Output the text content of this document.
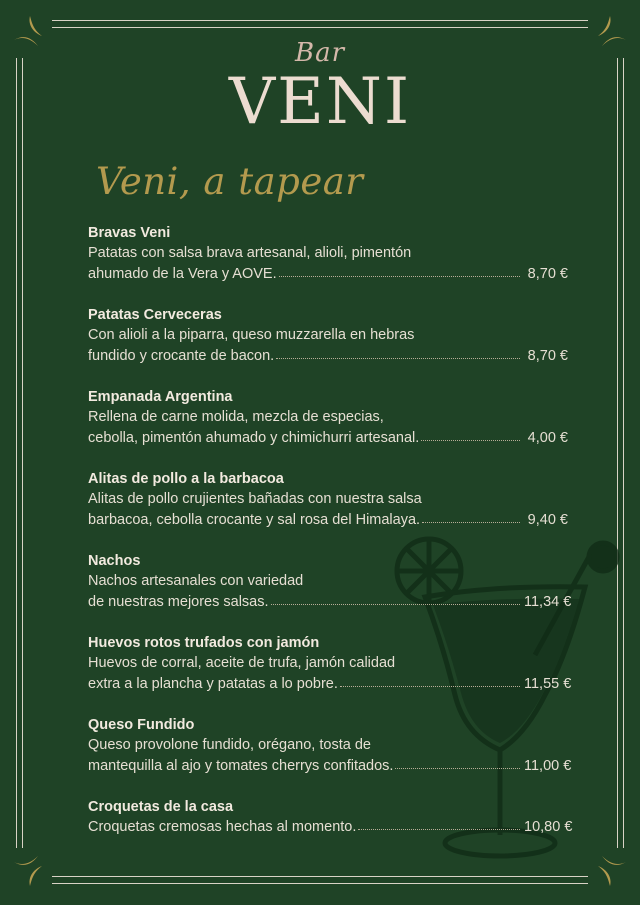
Bar
VENI
Veni, a tapear
Bravas Veni
Patatas con salsa brava artesanal, alioli, pimentón
ahumado de la Vera y AOVE.	8,70 €
Patatas Cerveceras
Con alioli a la piparra, queso muzzarella en hebras
fundido y crocante de bacon.	8,70 €
Empanada Argentina
Rellena de carne molida, mezcla de especias,
cebolla, pimentón ahumado y chimichurri artesanal.	4,00 €
Alitas de pollo a la barbacoa
Alitas de pollo crujientes bañadas con nuestra salsa
barbacoa, cebolla crocante y sal rosa del Himalaya.	9,40 €
Nachos
Nachos artesanales con variedad
de nuestras mejores salsas.	11,34 €
Huevos rotos trufados con jamón
Huevos de corral, aceite de trufa, jamón calidad
extra a la plancha y patatas a lo pobre.	11,55 €
Queso Fundido
Queso provolone fundido, orégano, tosta de
mantequilla al ajo y tomates cherrys confitados.	11,00 €
Croquetas de la casa
Croquetas cremosas hechas al momento.	10,80 €
